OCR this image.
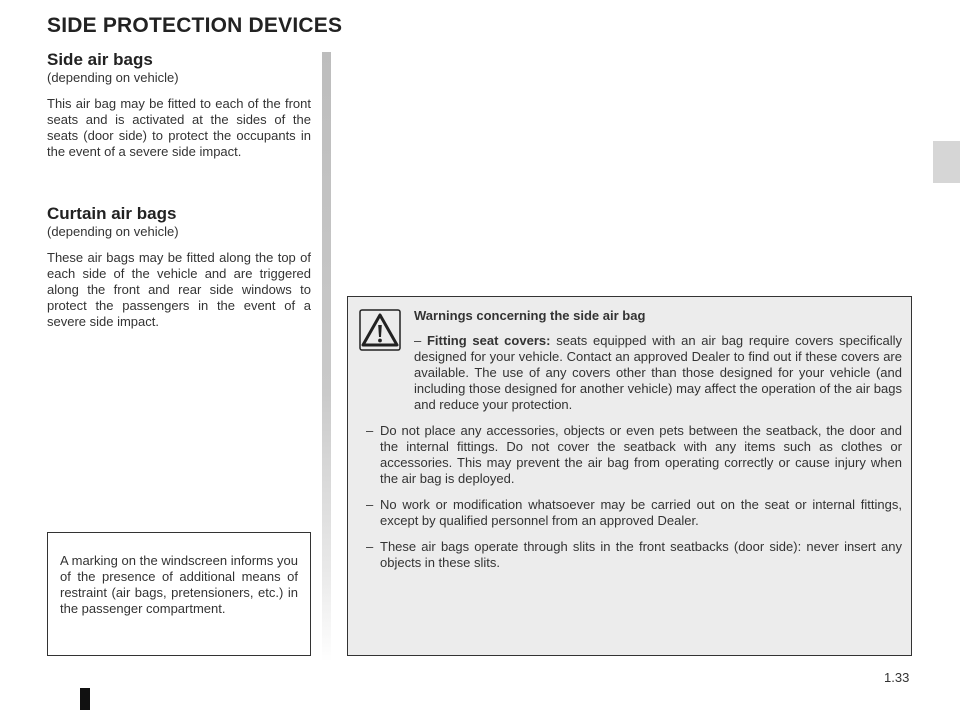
SIDE PROTECTION DEVICES
Side air bags
(depending on vehicle)
This air bag may be fitted to each of the front seats and is activated at the sides of the seats (door side) to protect the occupants in the event of a severe side impact.
Curtain air bags
(depending on vehicle)
These air bags may be fitted along the top of each side of the vehicle and are triggered along the front and rear side windows to protect the passengers in the event of a severe side impact.
A marking on the windscreen informs you of the presence of additional means of restraint (air bags, pretensioners, etc.) in the passenger compartment.
Warnings concerning the side air bag
– Fitting seat covers: seats equipped with an air bag require covers specifically designed for your vehicle. Contact an approved Dealer to find out if these covers are available. The use of any covers other than those designed for your vehicle (and including those designed for another vehicle) may affect the operation of the air bags and reduce your protection.
– Do not place any accessories, objects or even pets between the seatback, the door and the internal fittings. Do not cover the seatback with any items such as clothes or accessories. This may prevent the air bag from operating correctly or cause injury when the air bag is deployed.
– No work or modification whatsoever may be carried out on the seat or internal fittings, except by qualified personnel from an approved Dealer.
– These air bags operate through slits in the front seatbacks (door side): never insert any objects in these slits.
1.33
